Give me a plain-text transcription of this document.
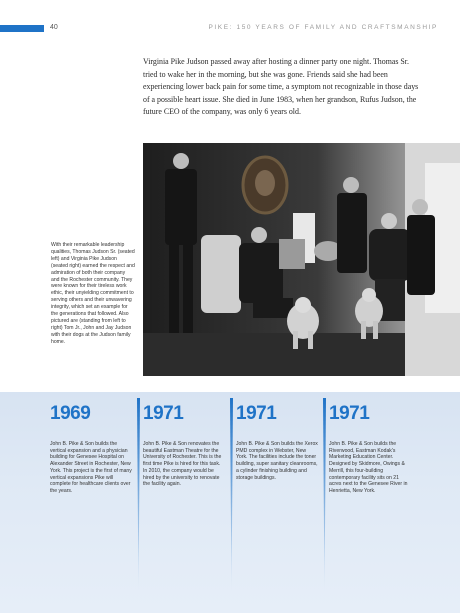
40	PIKE: 150 YEARS OF FAMILY AND CRAFTSMANSHIP
Virginia Pike Judson passed away after hosting a dinner party one night. Thomas Sr. tried to wake her in the morning, but she was gone. Friends said she had been experiencing lower back pain for some time, a symptom not recognizable in those days of a possible heart issue. She died in June 1983, when her grandson, Rufus Judson, the future CEO of the company, was only 6 years old.
With their remarkable leadership qualities, Thomas Judson Sr. (seated left) and Virginia Pike Judson (seated right) earned the respect and admiration of both their company and the Rochester community. They were known for their tireless work ethic, their unyielding commitment to serving others and their unwavering integrity, which set an example for the generations that followed. Also pictured are (standing from left to right) Tom Jr., John and Jay Judson with their dogs at the Judson family home.
1969
John B. Pike & Son builds the vertical expansion and a physician building for Genesee Hospital on Alexander Street in Rochester, New York. This project is the first of many vertical expansions Pike will complete for healthcare clients over the years.
1971
John B. Pike & Son renovates the beautiful Eastman Theatre for the University of Rochester. This is the first time Pike is hired for this task. In 2010, the company would be hired by the university to renovate the facility again.
1971
John B. Pike & Son builds the Xerox PMD complex in Webster, New York. The facilities include the toner building, super sanitary cleanrooms, a cylinder finishing building and storage buildings.
1971
John B. Pike & Son builds the Riverwood, Eastman Kodak's Marketing Education Center. Designed by Skidmore, Owings & Merrill, this four-building contemporary facility sits on 21 acres next to the Genesee River in Henrietta, New York.
